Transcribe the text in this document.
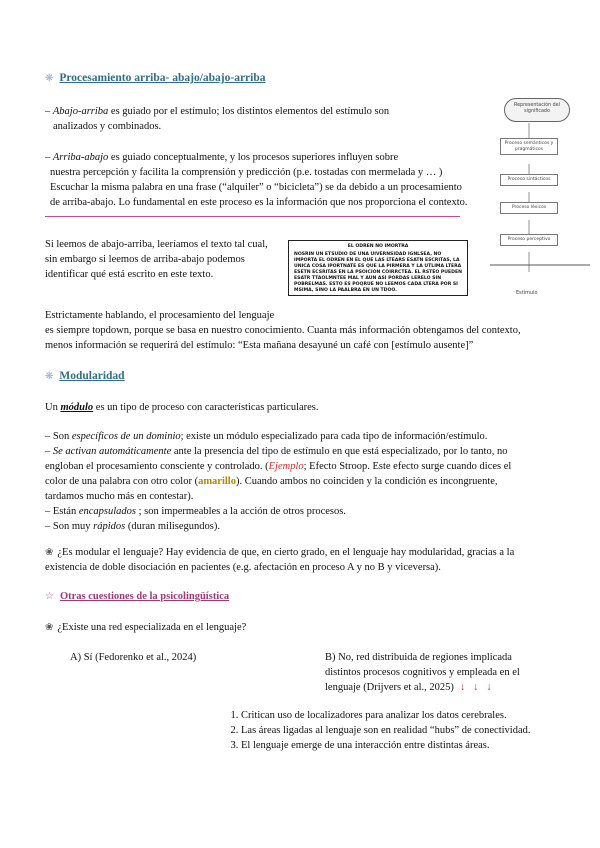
❋ Procesamiento arriba- abajo/abajo-arriba
– Abajo-arriba es guiado por el estímulo; los distintos elementos del estímulo son
analizados y combinados.
– Arriba-abajo es guiado conceptualmente, y los procesos superiores influyen sobre
nuestra percepción y facilita la comprensión y predicción (p.e. tostadas con mermelada y … )
Escuchar la misma palabra en una frase (“alquiler” o “bicicleta”) se da debido a un procesamiento
de arriba-abajo. Lo fundamental en este proceso es la información que nos proporciona el contexto.
Si leemos de abajo-arriba, leeríamos el texto tal cual,
sin embargo si leemos de arriba-abajo podemos
identificar qué está escrito en este texto.
EL ODREN NO IMORTRA
NOSRIN UN ETSUDIO DE UNA UIVERNSIDAD IGNLSEA, NO IMPORTA EL ODREN EN EL QUE LAS LTEARS ESATN ESCRITAS, LA UNICA COSA IPORTNATE ES QUE LA PIRMERA Y LA UTLIMA LTERA ESETN ECSRITAS EN LA PSOICION COIRRCTEA. EL RSTEO PUEDEN ESATR TTAOLMNTEE MAL Y AUN ASI PORDAS LERELO SIN POBRELMAS. ESTO ES POQRUE NO LEEMOS CADA LTERA POR SI MSIMA, SINO LA PAALBRA EN UN TDOO.
Representación del significado
Proceso semánticos y pragmáticos
Proceso sintácticos
Proceso léxicos
Proceso perceptivo
Estímulo
Estrictamente hablando, el procesamiento del lenguaje
es siempre topdown, porque se basa en nuestro conocimiento. Cuanta más información obtengamos del contexto,
menos información se requerirá del estímulo: “Esta mañana desayuné un café con [estímulo ausente]”
❋ Modularidad
Un módulo es un tipo de proceso con características particulares.
– Son específicos de un dominio; existe un módulo especializado para cada tipo de información/estímulo.
– Se activan automáticamente ante la presencia del tipo de estímulo en que está especializado, por lo tanto, no
engloban el procesamiento consciente y controlado. (Ejemplo; Efecto Stroop. Este efecto surge cuando dices el
color de una palabra con otro color (amarillo). Cuando ambos no coinciden y la condición es incongruente,
tardamos mucho más en contestar).
– Están encapsulados ; son impermeables a la acción de otros procesos.
– Son muy rápidos (duran milisegundos).
❀ ¿Es modular el lenguaje? Hay evidencia de que, en cierto grado, en el lenguaje hay modularidad, gracias a la
existencia de doble disociación en pacientes (e.g. afectación en proceso A y no B y viceversa).
☆ Otras cuestiones de la psicolingüística
❀ ¿Existe una red especializada en el lenguaje?
A) Sí (Fedorenko et al., 2024)	B) No, red distribuida de regiones implicada
distintos procesos cognitivos y empleada en el
lenguaje (Drijvers et al., 2025) ↓↓↓
1. Critican uso de localizadores para analizar los datos cerebrales.
2. Las áreas ligadas al lenguaje son en realidad “hubs” de conectividad.
3. El lenguaje emerge de una interacción entre distintas áreas.
